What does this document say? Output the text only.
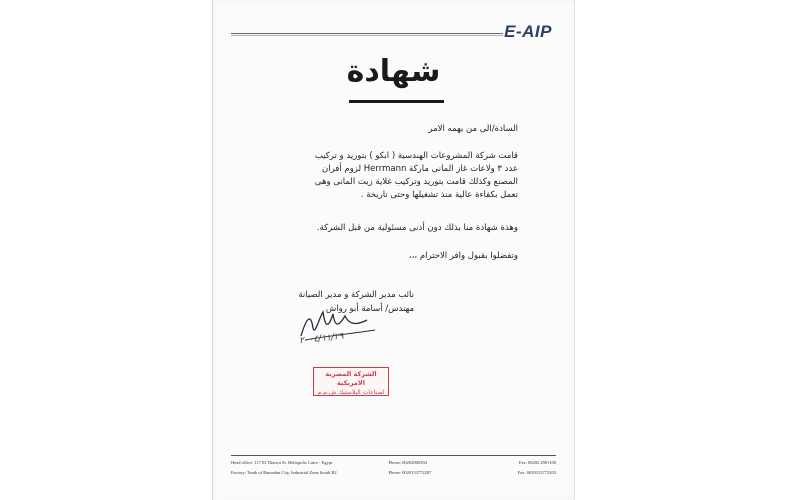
E-AIP
شهادة
السادة/الى من يهمه الامر
قامت شركة المشروعات الهندسية ( ابكو ) بتوريد و تركيب
عدد ٣ ولاعات غاز المانى ماركة Herrmann لزوم أفران
المصنع وكذلك قامت بتوريد وتركيب غلاية زيت المانى وهى
تعمل بكفاءة عالية منذ تشغيلها وحتى تاريخة .
وهذة شهادة منا بذلك دون أدنى مسئولية من قبل الشركة.
وتفضلوا بقبول وافر الاحترام ،،،
نائب مدير الشركة و مدير الصيانة
مهندس/ أسامة أبو رواش
٢٠٠٤/١١/٢٩
الشركة المصرية الامريكية
لصناعات البلاستيك ش.م.م
Head office: 117 El Thawra St. Heliopolis Cairo - Egypt	Phone: 00202900394	Fax: 00202 2901100
Factory: Tenth of Ramadan City, Industrial Zone South B2	Phone: 0020153772207	Fax: 0020153772203
